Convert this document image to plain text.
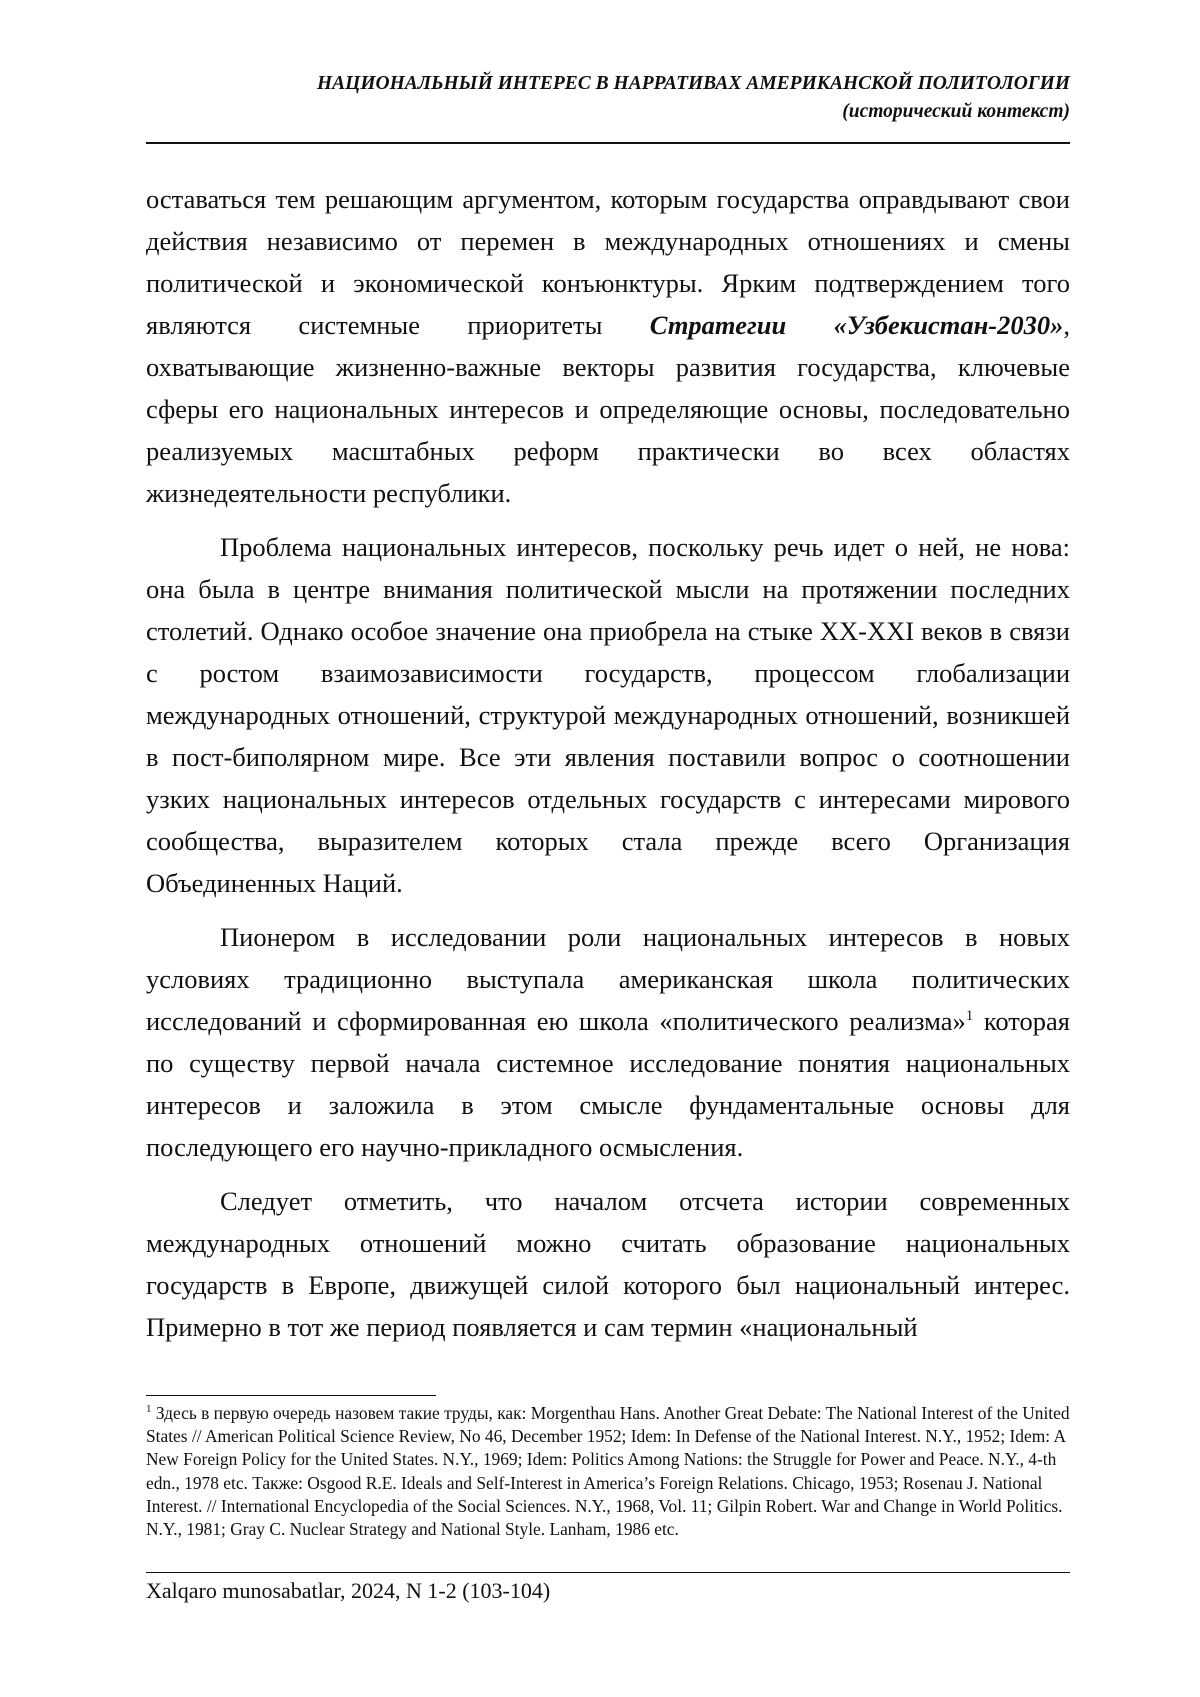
НАЦИОНАЛЬНЫЙ ИНТЕРЕС В НАРРАТИВАХ АМЕРИКАНСКОЙ ПОЛИТОЛОГИИ
(исторический контекст)

оставаться тем решающим аргументом, которым государства оправдывают свои действия независимо от перемен в международных отношениях и смены политической и экономической конъюнктуры. Ярким подтверждением того являются системные приоритеты Стратегии «Узбекистан-2030», охватывающие жизненно-важные векторы развития государства, ключевые сферы его национальных интересов и определяющие основы, последовательно реализуемых масштабных реформ практически во всех областях жизнедеятельности республики.

Проблема национальных интересов, поскольку речь идет о ней, не нова: она была в центре внимания политической мысли на протяжении последних столетий. Однако особое значение она приобрела на стыке XX-XXI веков в связи с ростом взаимозависимости государств, процессом глобализации международных отношений, структурой международных отношений, возникшей в пост-биполярном мире. Все эти явления поставили вопрос о соотношении узких национальных интересов отдельных государств с интересами мирового сообщества, выразителем которых стала прежде всего Организация Объединенных Наций.

Пионером в исследовании роли национальных интересов в новых условиях традиционно выступала американская школа политических исследований и сформированная ею школа «политического реализма»$^1$ которая по существу первой начала системное исследование понятия национальных интересов и заложила в этом смысле фундаментальные основы для последующего его научно-прикладного осмысления.

Следует отметить, что началом отсчета истории современных международных отношений можно считать образование национальных государств в Европе, движущей силой которого был национальный интерес. Примерно в тот же период появляется и сам термин «национальный

$^1$ Здесь в первую очередь назовем такие труды, как: Morgenthau Hans. Another Great Debate: The National Interest of the United States // American Political Science Review, No 46, December 1952; Idem: In Defense of the National Interest. N.Y., 1952; Idem: A New Foreign Policy for the United States. N.Y., 1969; Idem: Politics Among Nations: the Struggle for Power and Peace. N.Y., 4-th edn., 1978 etc. Также: Osgood R.E. Ideals and Self-Interest in America’s Foreign Relations. Chicago, 1953; Rosenau J. National Interest. // International Encyclopedia of the Social Sciences. N.Y., 1968, Vol. 11; Gilpin Robert. War and Change in World Politics. N.Y., 1981; Gray C. Nuclear Strategy and National Style. Lanham, 1986 etc.
Xalqaro munosabatlar, 2024, N 1-2 (103-104)
